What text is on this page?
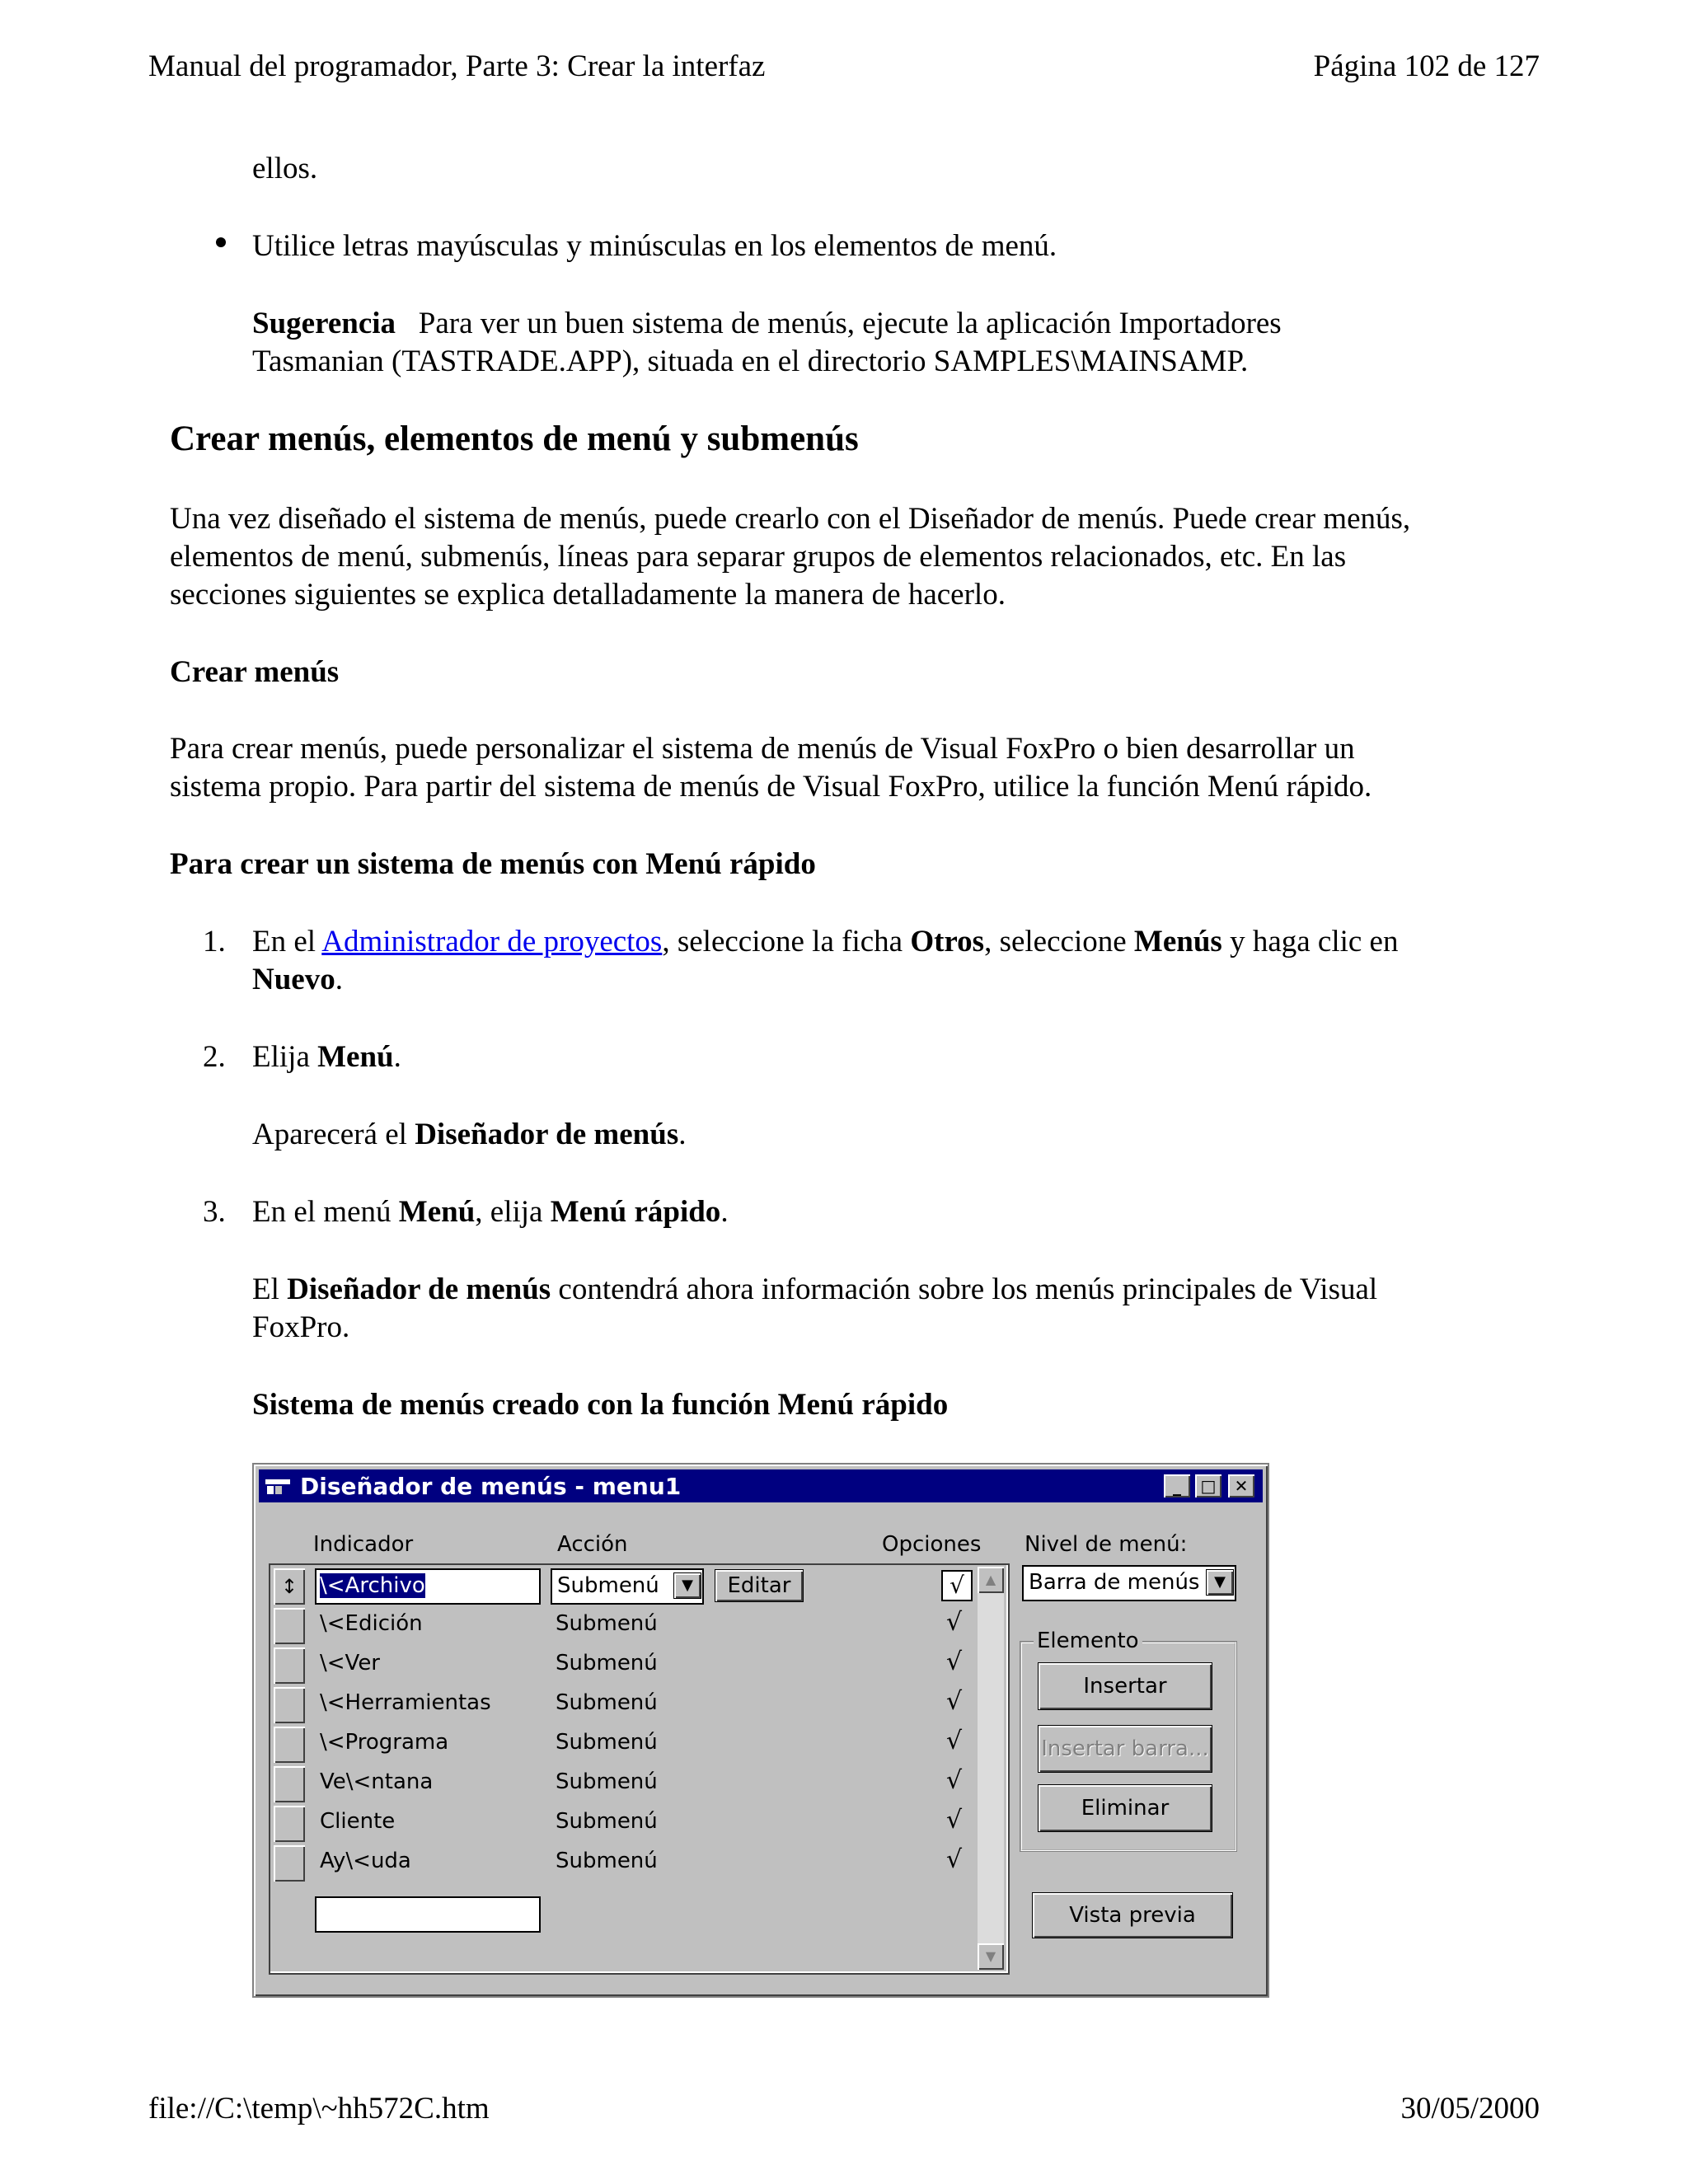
Manual del programador, Parte 3: Crear la interfaz	Página 102 de 127
ellos.
Utilice letras mayúsculas y minúsculas en los elementos de menú.
Sugerencia Para ver un buen sistema de menús, ejecute la aplicación Importadores
Tasmanian (TASTRADE.APP), situada en el directorio SAMPLES\MAINSAMP.
Crear menús, elementos de menú y submenús
Una vez diseñado el sistema de menús, puede crearlo con el Diseñador de menús. Puede crear menús,
elementos de menú, submenús, líneas para separar grupos de elementos relacionados, etc. En las
secciones siguientes se explica detalladamente la manera de hacerlo.
Crear menús
Para crear menús, puede personalizar el sistema de menús de Visual FoxPro o bien desarrollar un
sistema propio. Para partir del sistema de menús de Visual FoxPro, utilice la función Menú rápido.
Para crear un sistema de menús con Menú rápido
1. En el Administrador de proyectos, seleccione la ficha Otros, seleccione Menús y haga clic en
Nuevo.
2. Elija Menú.
Aparecerá el Diseñador de menús.
3. En el menú Menú, elija Menú rápido.
El Diseñador de menús contendrá ahora información sobre los menús principales de Visual
FoxPro.
Sistema de menús creado con la función Menú rápido
Diseñador de menús - menu1	_	□	✕
Indicador	Acción	Opciones Nivel de menú:
↕	\<Archivo	Submenú	▼	Editar	√
\<Edición	Submenú	√
\<Ver	Submenú	√
\<Herramientas	Submenú	√
\<Programa	Submenú	√
Ve\<ntana	Submenú	√
Cliente	Submenú	√
Ay\<uda	Submenú	√
▲
▼
Barra de menús ▼
Elemento
Insertar
Insertar barra...
Eliminar
Vista previa
file://C:\temp\~hh572C.htm	30/05/2000
